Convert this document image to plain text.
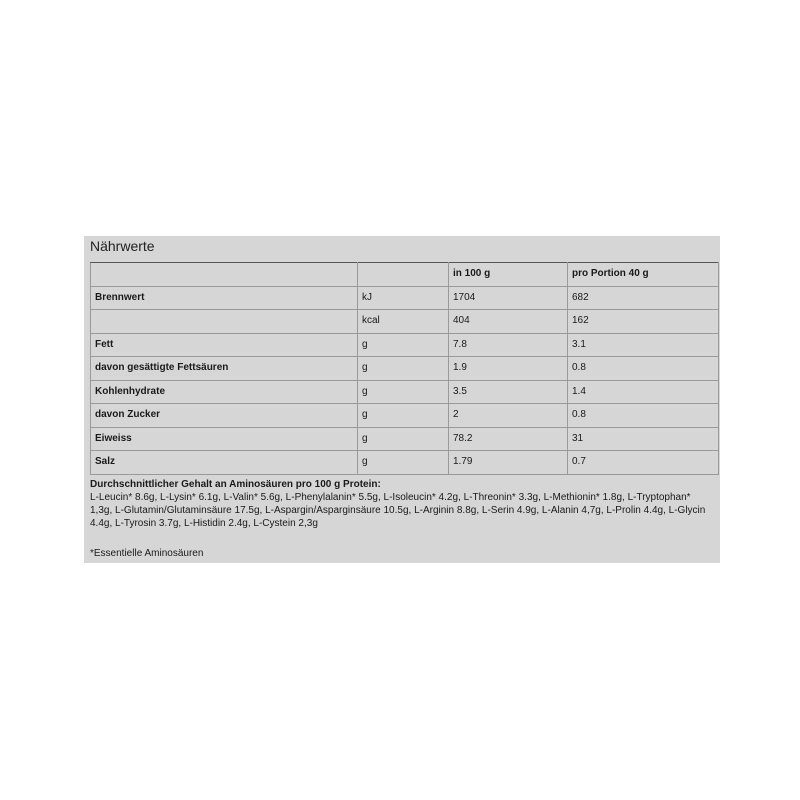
Nährwerte
		in 100 g	pro Portion 40 g
Brennwert	kJ	1704	682
	kcal	404	162
Fett	g	7.8	3.1
davon gesättigte Fettsäuren	g	1.9	0.8
Kohlenhydrate	g	3.5	1.4
davon Zucker	g	2	0.8
Eiweiss	g	78.2	31
Salz	g	1.79	0.7
Durchschnittlicher Gehalt an Aminosäuren pro 100 g Protein:
L-Leucin* 8.6g, L-Lysin* 6.1g, L-Valin* 5.6g, L-Phenylalanin* 5.5g, L-Isoleucin* 4.2g, L-Threonin* 3.3g, L-Methionin* 1.8g, L-Tryptophan* 1,3g, L-Glutamin/Glutaminsäure 17.5g, L-Aspargin/Asparginsäure 10.5g, L-Arginin 8.8g, L-Serin 4.9g, L-Alanin 4,7g, L-Prolin 4.4g, L-Glycin 4.4g, L-Tyrosin 3.7g, L-Histidin 2.4g, L-Cystein 2,3g
*Essentielle Aminosäuren
